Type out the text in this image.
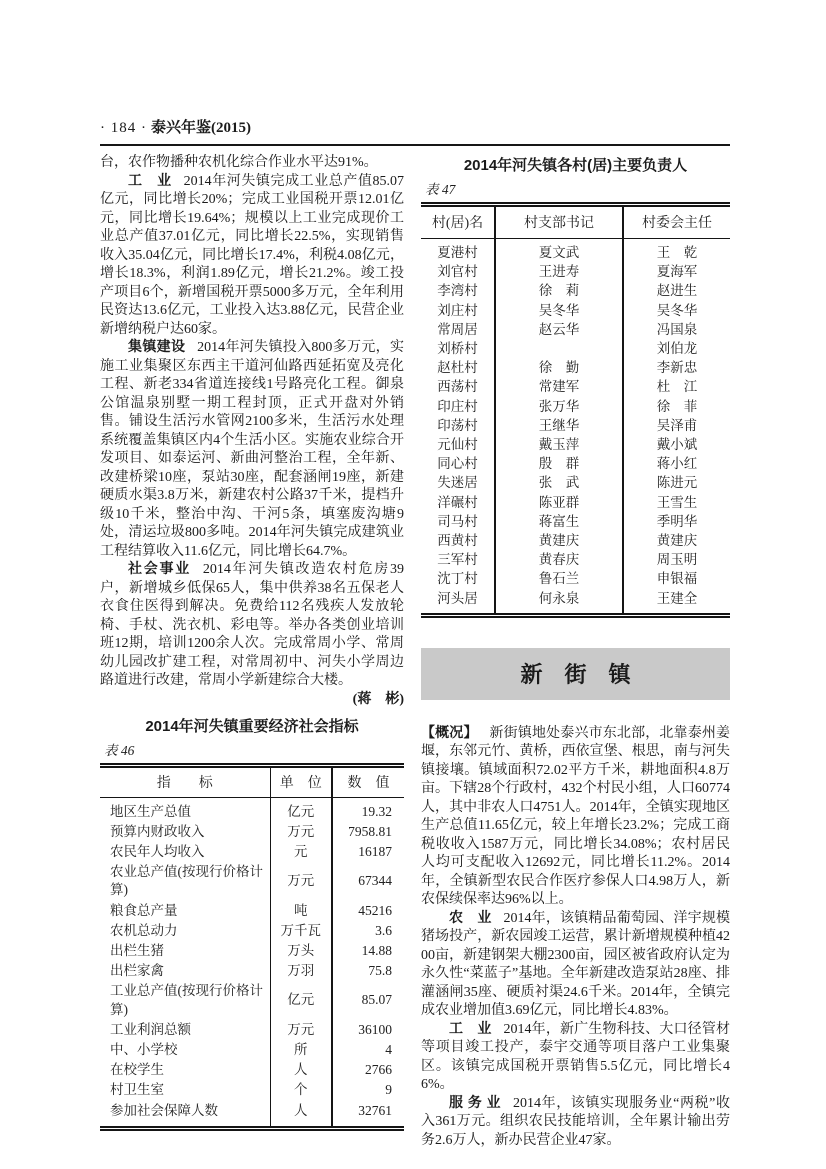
· 184 · 泰兴年鉴(2015)

台，农作物播种农机化综合作业水平达91%。

工　业 2014年河失镇完成工业总产值85.07亿元，同比增长20%；完成工业国税开票12.01亿元，同比增长19.64%；规模以上工业完成现价工业总产值37.01亿元，同比增长22.5%，实现销售收入35.04亿元，同比增长17.4%，利税4.08亿元，增长18.3%，利润1.89亿元，增长21.2%。竣工投产项目6个，新增国税开票5000多万元，全年利用民资达13.6亿元，工业投入达3.88亿元，民营企业新增纳税户达60家。

集镇建设 2014年河失镇投入800多万元，实施工业集聚区东西主干道河仙路西延拓宽及亮化工程、新老334省道连接线1号路亮化工程。御泉公馆温泉别墅一期工程封顶，正式开盘对外销售。铺设生活污水管网2100多米，生活污水处理系统覆盖集镇区内4个生活小区。实施农业综合开发项目、如泰运河、新曲河整治工程，全年新、改建桥梁10座，泵站30座，配套涵闸19座，新建硬质水渠3.8万米，新建农村公路37千米，提档升级10千米，整治中沟、干河5条，填塞废沟塘9处，清运垃圾800多吨。2014年河失镇完成建筑业工程结算收入11.6亿元，同比增长64.7%。

社会事业 2014年河失镇改造农村危房39户，新增城乡低保65人，集中供养38名五保老人衣食住医得到解决。免费给112名残疾人发放轮椅、手杖、洗衣机、彩电等。举办各类创业培训班12期，培训1200余人次。完成常周小学、常周幼儿园改扩建工程，对常周初中、河失小学周边路道进行改建，常周小学新建综合大楼。
(蒋　彬)

2014年河失镇重要经济社会指标
表 46
指　　标	单　位	数　值
地区生产总值	亿元	19.32
预算内财政收入	万元	7958.81
农民年人均收入	元	16187
农业总产值(按现行价格计算)	万元	67344
粮食总产量	吨	45216
农机总动力	万千瓦	3.6
出栏生猪	万头	14.88
出栏家禽	万羽	75.8
工业总产值(按现行价格计算)	亿元	85.07
工业利润总额	万元	36100
中、小学校	所	4
在校学生	人	2766
村卫生室	个	9
参加社会保障人数	人	32761
2014年河失镇各村(居)主要负责人
表 47
村(居)名	村支部书记	村委会主任
夏港村	夏文武	王　乾
刘官村	王进寿	夏海军
李湾村	徐　莉	赵进生
刘庄村	吴冬华	吴冬华
常周居	赵云华	冯国泉
刘桥村		刘伯龙
赵杜村	徐　勤	李新忠
西荡村	常建军	杜　江
印庄村	张万华	徐　菲
印荡村	王继华	吴泽甫
元仙村	戴玉萍	戴小斌
同心村	殷　群	蒋小红
失迷居	张　武	陈进元
洋碾村	陈亚群	王雪生
司马村	蒋富生	季明华
西黄村	黄建庆	黄建庆
三军村	黄春庆	周玉明
沈丁村	鲁石兰	申银福
河头居	何永泉	王建全
新　街　镇

【概况】 新街镇地处泰兴市东北部，北靠泰州姜堰，东邻元竹、黄桥，西依宣堡、根思，南与河失镇接壤。镇域面积72.02平方千米，耕地面积4.8万亩。下辖28个行政村，432个村民小组，人口60774人，其中非农人口4751人。2014年，全镇实现地区生产总值11.65亿元，较上年增长23.2%；完成工商税收收入1587万元，同比增长34.08%；农村居民人均可支配收入12692元，同比增长11.2%。2014年，全镇新型农民合作医疗参保人口4.98万人，新农保续保率达96%以上。

农　业 2014年，该镇精品葡萄园、洋宇规模猪场投产，新农园竣工运营，累计新增规模种植4200亩，新建钢架大棚2300亩，园区被省政府认定为永久性“菜蓝子”基地。全年新建改造泵站28座、排灌涵闸35座、硬质衬渠24.6千米。2014年，全镇完成农业增加值3.69亿元，同比增长4.83%。

工　业 2014年，新广生物科技、大口径管材等项目竣工投产，泰宇交通等项目落户工业集聚区。该镇完成国税开票销售5.5亿元，同比增长46%。

服 务 业 2014年，该镇实现服务业“两税”收入361万元。组织农民技能培训，全年累计输出劳务2.6万人，新办民营企业47家。
